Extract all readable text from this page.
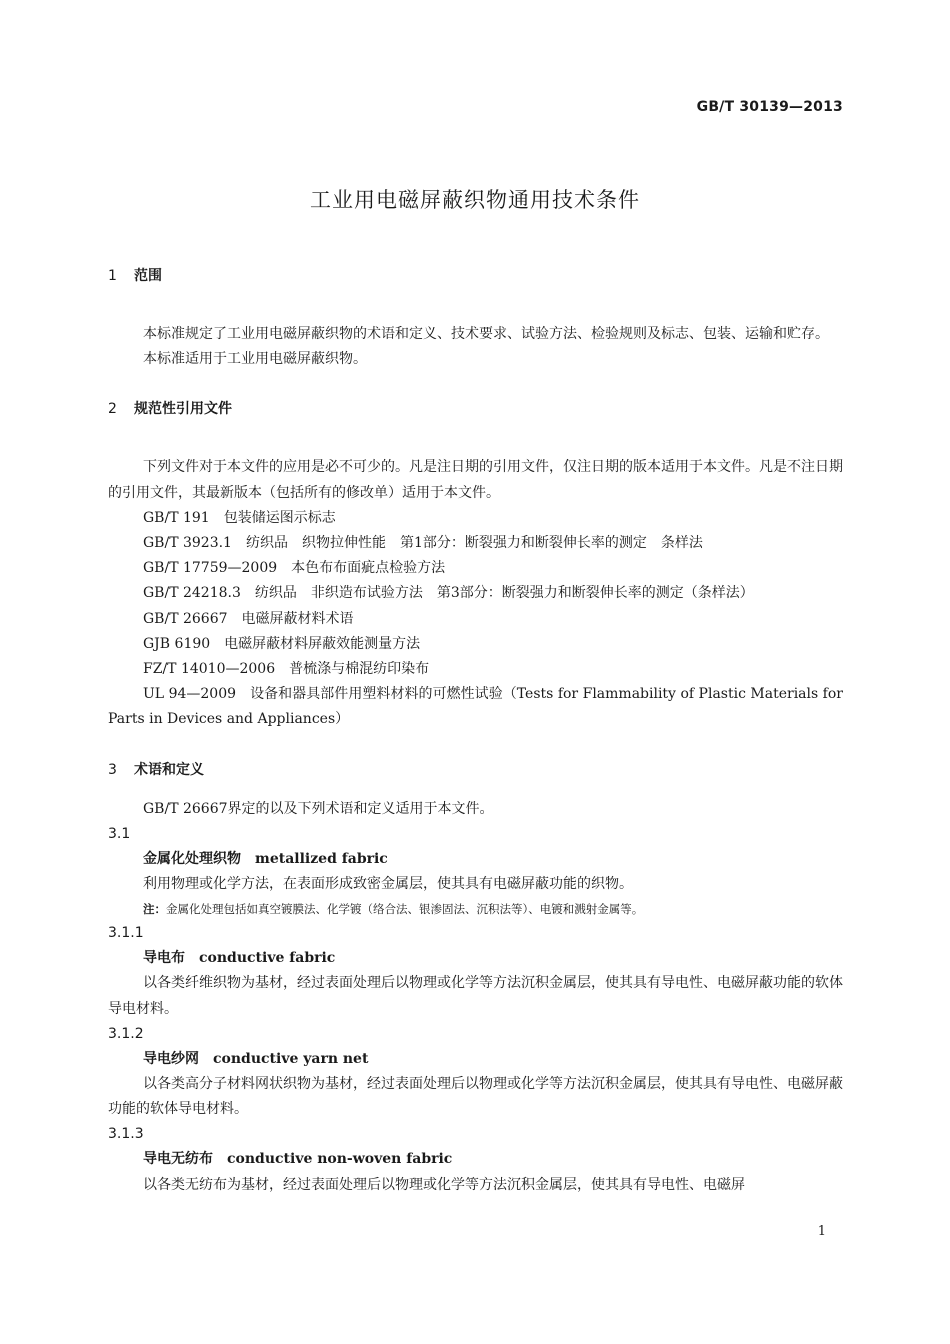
GB/T 30139—2013
工业用电磁屏蔽织物通用技术条件
1 范围
本标准规定了工业用电磁屏蔽织物的术语和定义、技术要求、试验方法、检验规则及标志、包装、运输和贮存。
本标准适用于工业用电磁屏蔽织物。
2 规范性引用文件
下列文件对于本文件的应用是必不可少的。凡是注日期的引用文件，仅注日期的版本适用于本文件。凡是不注日期的引用文件，其最新版本（包括所有的修改单）适用于本文件。
GB/T 191 包装储运图示标志
GB/T 3923.1 纺织品　织物拉伸性能　第1部分：断裂强力和断裂伸长率的测定　条样法
GB/T 17759—2009 本色布布面疵点检验方法
GB/T 24218.3 纺织品　非织造布试验方法　第3部分：断裂强力和断裂伸长率的测定（条样法）
GB/T 26667 电磁屏蔽材料术语
GJB 6190 电磁屏蔽材料屏蔽效能测量方法
FZ/T 14010—2006 普梳涤与棉混纺印染布
UL 94—2009 设备和器具部件用塑料材料的可燃性试验（Tests for Flammability of Plastic Materials for Parts in Devices and Appliances）
3 术语和定义
GB/T 26667界定的以及下列术语和定义适用于本文件。
3.1
金属化处理织物 metallized fabric
利用物理或化学方法，在表面形成致密金属层，使其具有电磁屏蔽功能的织物。
注：金属化处理包括如真空镀膜法、化学镀（络合法、银渗固法、沉积法等）、电镀和溅射金属等。
3.1.1
导电布 conductive fabric
以各类纤维织物为基材，经过表面处理后以物理或化学等方法沉积金属层，使其具有导电性、电磁屏蔽功能的软体导电材料。
3.1.2
导电纱网 conductive yarn net
以各类高分子材料网状织物为基材，经过表面处理后以物理或化学等方法沉积金属层，使其具有导电性、电磁屏蔽功能的软体导电材料。
3.1.3
导电无纺布 conductive non-woven fabric
以各类无纺布为基材，经过表面处理后以物理或化学等方法沉积金属层，使其具有导电性、电磁屏
1
